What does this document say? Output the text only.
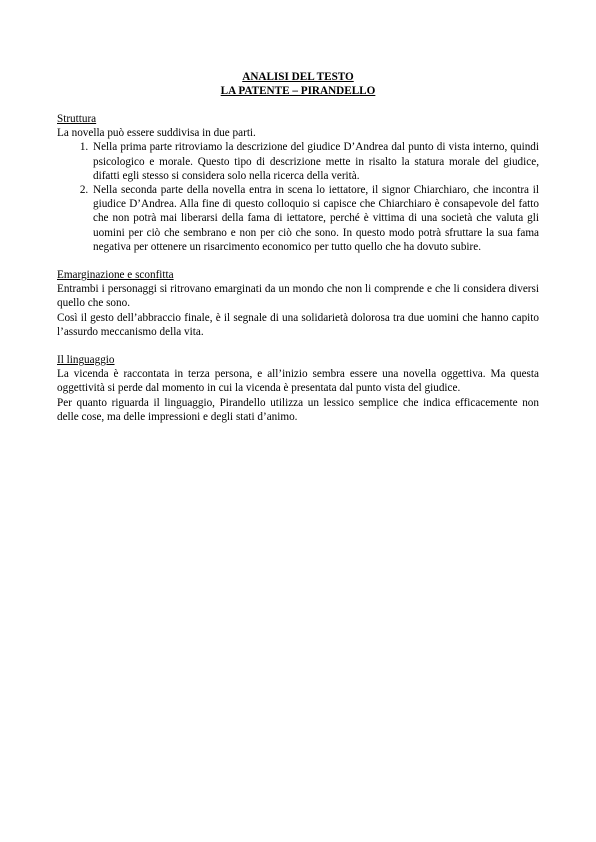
ANALISI DEL TESTO
LA PATENTE – PIRANDELLO
Struttura

La novella può essere suddivisa in due parti.

1. Nella prima parte ritroviamo la descrizione del giudice D’Andrea dal punto di vista interno, quindi psicologico e morale. Questo tipo di descrizione mette in risalto la statura morale del giudice, difatti egli stesso si considera solo nella ricerca della verità.
2. Nella seconda parte della novella entra in scena lo iettatore, il signor Chiarchiaro, che incontra il giudice D’Andrea. Alla fine di questo colloquio si capisce che Chiarchiaro è consapevole del fatto che non potrà mai liberarsi della fama di iettatore, perché è vittima di una società che valuta gli uomini per ciò che sembrano e non per ciò che sono. In questo modo potrà sfruttare la sua fama negativa per ottenere un risarcimento economico per tutto quello che ha dovuto subire.
Emarginazione e sconfitta

Entrambi i personaggi si ritrovano emarginati da un mondo che non li comprende e che li considera diversi quello che sono.

Così il gesto dell’abbraccio finale, è il segnale di una solidarietà dolorosa tra due uomini che hanno capito l’assurdo meccanismo della vita.

Il linguaggio

La vicenda è raccontata in terza persona, e all’inizio sembra essere una novella oggettiva. Ma questa oggettività si perde dal momento in cui la vicenda è presentata dal punto vista del giudice.

Per quanto riguarda il linguaggio, Pirandello utilizza un lessico semplice che indica efficacemente non delle cose, ma delle impressioni e degli stati d’animo.
